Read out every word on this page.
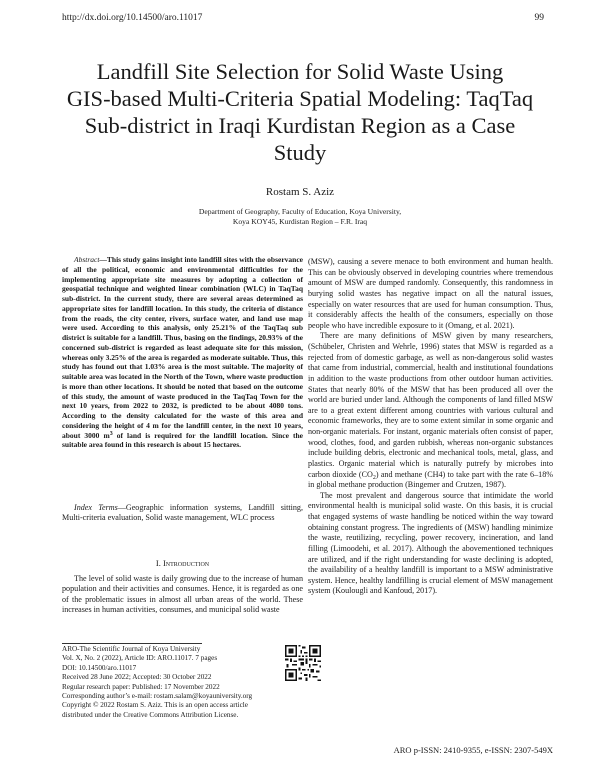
http://dx.doi.org/10.14500/aro.11017	99
Landfill Site Selection for Solid Waste Using
GIS-based Multi-Criteria Spatial Modeling: TaqTaq
Sub-district in Iraqi Kurdistan Region as a Case
Study
Rostam S. Aziz
Department of Geography, Faculty of Education, Koya University,
Koya KOY45, Kurdistan Region – F.R. Iraq

Abstract—This study gains insight into landfill sites with the observance of all the political, economic and environmental difficulties for the implementing appropriate site measures by adopting a collection of geospatial technique and weighted linear combination (WLC) in TaqTaq sub-district. In the current study, there are several areas determined as appropriate sites for landfill location. In this study, the criteria of distance from the roads, the city center, rivers, surface water, and land use map were used. According to this analysis, only 25.21% of the TaqTaq sub district is suitable for a landfill. Thus, basing on the findings, 20.93% of the concerned sub-district is regarded as least adequate site for this mission, whereas only 3.25% of the area is regarded as moderate suitable. Thus, this study has found out that 1.03% area is the most suitable. The majority of suitable area was located in the North of the Town, where waste production is more than other locations. It should be noted that based on the outcome of this study, the amount of waste produced in the TaqTaq Town for the next 10 years, from 2022 to 2032, is predicted to be about 4080 tons. According to the density calculated for the waste of this area and considering the height of 4 m for the landfill center, in the next 10 years, about 3000 $m^3$ of land is required for the landfill location. Since the suitable area found in this research is about 15 hectares.

Index Terms—Geographic information systems, Landfill sitting, Multi-criteria evaluation, Solid waste management, WLC process

I. Introduction

The level of solid waste is daily growing due to the increase of human population and their activities and consumes. Hence, it is regarded as one of the problematic issues in almost all urban areas of the world. These increases in human activities, consumes, and municipal solid waste

(MSW), causing a severe menace to both environment and human health. This can be obviously observed in developing countries where tremendous amount of MSW are dumped randomly. Consequently, this randomness in burying solid wastes has negative impact on all the natural issues, especially on water resources that are used for human consumption. Thus, it considerably affects the health of the consumers, especially on those people who have incredible exposure to it (Omang, et al. 2021).

There are many definitions of MSW given by many researchers, (Schübeler, Christen and Wehrle, 1996) states that MSW is regarded as a rejected from of domestic garbage, as well as non-dangerous solid wastes that came from industrial, commercial, health and institutional foundations in addition to the waste productions from other outdoor human activities. States that nearly 80% of the MSW that has been produced all over the world are buried under land. Although the components of land filled MSW are to a great extent different among countries with various cultural and economic frameworks, they are to some extent similar in some organic and non-organic materials. For instant, organic materials often consist of paper, wood, clothes, food, and garden rubbish, whereas non-organic substances include building debris, electronic and mechanical tools, metal, glass, and plastics. Organic material which is naturally putrefy by microbes into carbon dioxide $(CO_2)$ and methane (CH4) to take part with the rate 6–18% in global methane production (Bingemer and Crutzen, 1987).

The most prevalent and dangerous source that intimidate the world environmental health is municipal solid waste. On this basis, it is crucial that engaged systems of waste handling be noticed within the way toward obtaining constant progress. The ingredients of (MSW) handling minimize the waste, reutilizing, recycling, power recovery, incineration, and land filling (Limoodehi, et al. 2017). Although the abovementioned techniques are utilized, and if the right understanding for waste declining is adopted, the availability of a healthy landfill is important to a MSW administrative system. Hence, healthy landfilling is crucial element of MSW management system (Koulougli and Kanfoud, 2017).

ARO-The Scientific Journal of Koya University
Vol. X, No. 2 (2022), Article ID: ARO.11017. 7 pages
DOI: 10.14500/aro.11017
Received 28 June 2022; Accepted: 30 October 2022
Regular research paper: Published: 17 November 2022
Corresponding author’s e-mail: rostam.salam@koyauniversity.org
Copyright © 2022 Rostam S. Aziz. This is an open access article
distributed under the Creative Commons Attribution License.
ARO p-ISSN: 2410-9355, e-ISSN: 2307-549X
